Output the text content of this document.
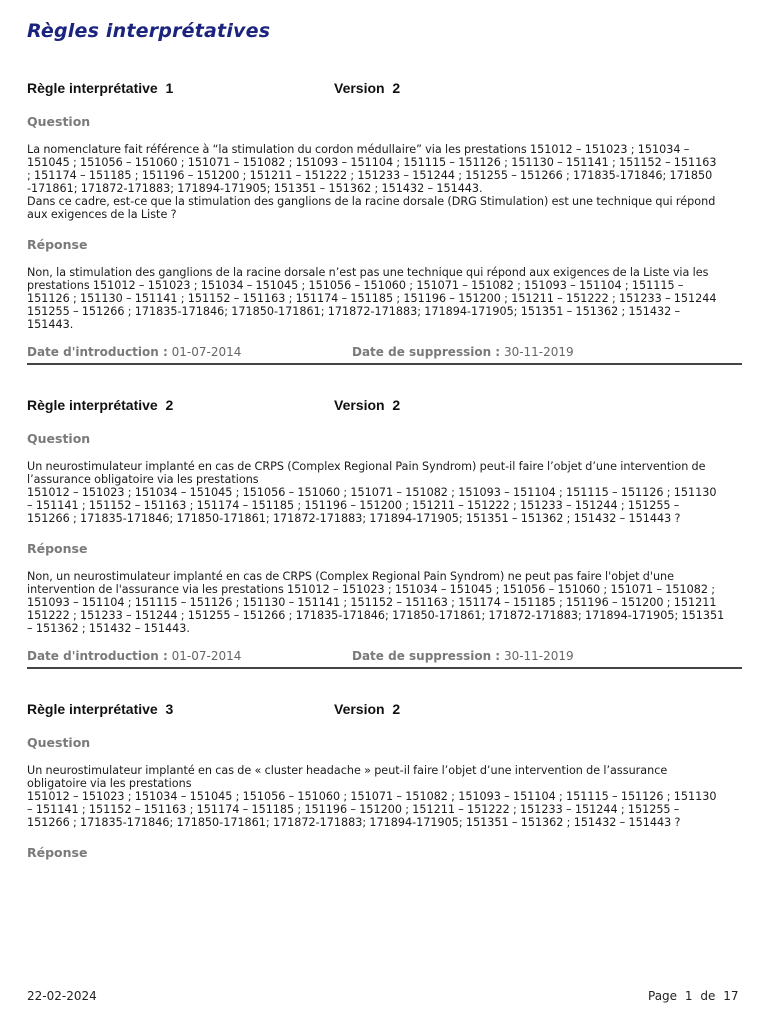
Règles interprétatives
Règle interprétative 1	Version 2
Question
La nomenclature fait référence à “la stimulation du cordon médullaire” via les prestations 151012 – 151023 ; 151034 –
151045 ; 151056 – 151060 ; 151071 – 151082 ; 151093 – 151104 ; 151115 – 151126 ; 151130 – 151141 ; 151152 – 151163
; 151174 – 151185 ; 151196 – 151200 ; 151211 – 151222 ; 151233 – 151244 ; 151255 – 151266 ; 171835-171846; 171850
-171861; 171872-171883; 171894-171905; 151351 – 151362 ; 151432 – 151443.
Dans ce cadre, est-ce que la stimulation des ganglions de la racine dorsale (DRG Stimulation) est une technique qui répond
aux exigences de la Liste ?
Réponse
Non, la stimulation des ganglions de la racine dorsale n’est pas une technique qui répond aux exigences de la Liste via les
prestations 151012 – 151023 ; 151034 – 151045 ; 151056 – 151060 ; 151071 – 151082 ; 151093 – 151104 ; 151115 –
151126 ; 151130 – 151141 ; 151152 – 151163 ; 151174 – 151185 ; 151196 – 151200 ; 151211 – 151222 ; 151233 – 151244
151255 – 151266 ; 171835-171846; 171850-171861; 171872-171883; 171894-171905; 151351 – 151362 ; 151432 –
151443.
Date d'introduction : 01-07-2014	Date de suppression : 30-11-2019
Règle interprétative 2	Version 2
Question
Un neurostimulateur implanté en cas de CRPS (Complex Regional Pain Syndrom) peut-il faire l’objet d’une intervention de
l’assurance obligatoire via les prestations
151012 – 151023 ; 151034 – 151045 ; 151056 – 151060 ; 151071 – 151082 ; 151093 – 151104 ; 151115 – 151126 ; 151130
– 151141 ; 151152 – 151163 ; 151174 – 151185 ; 151196 – 151200 ; 151211 – 151222 ; 151233 – 151244 ; 151255 –
151266 ; 171835-171846; 171850-171861; 171872-171883; 171894-171905; 151351 – 151362 ; 151432 – 151443 ?
Réponse
Non, un neurostimulateur implanté en cas de CRPS (Complex Regional Pain Syndrom) ne peut pas faire l'objet d'une
intervention de l'assurance via les prestations 151012 – 151023 ; 151034 – 151045 ; 151056 – 151060 ; 151071 – 151082 ;
151093 – 151104 ; 151115 – 151126 ; 151130 – 151141 ; 151152 – 151163 ; 151174 – 151185 ; 151196 – 151200 ; 151211
151222 ; 151233 – 151244 ; 151255 – 151266 ; 171835-171846; 171850-171861; 171872-171883; 171894-171905; 151351
– 151362 ; 151432 – 151443.
Date d'introduction : 01-07-2014	Date de suppression : 30-11-2019
Règle interprétative 3	Version 2
Question
Un neurostimulateur implanté en cas de « cluster headache » peut-il faire l’objet d’une intervention de l’assurance
obligatoire via les prestations
151012 – 151023 ; 151034 – 151045 ; 151056 – 151060 ; 151071 – 151082 ; 151093 – 151104 ; 151115 – 151126 ; 151130
– 151141 ; 151152 – 151163 ; 151174 – 151185 ; 151196 – 151200 ; 151211 – 151222 ; 151233 – 151244 ; 151255 –
151266 ; 171835-171846; 171850-171861; 171872-171883; 171894-171905; 151351 – 151362 ; 151432 – 151443 ?
Réponse
22-02-2024	Page 1 de 17
